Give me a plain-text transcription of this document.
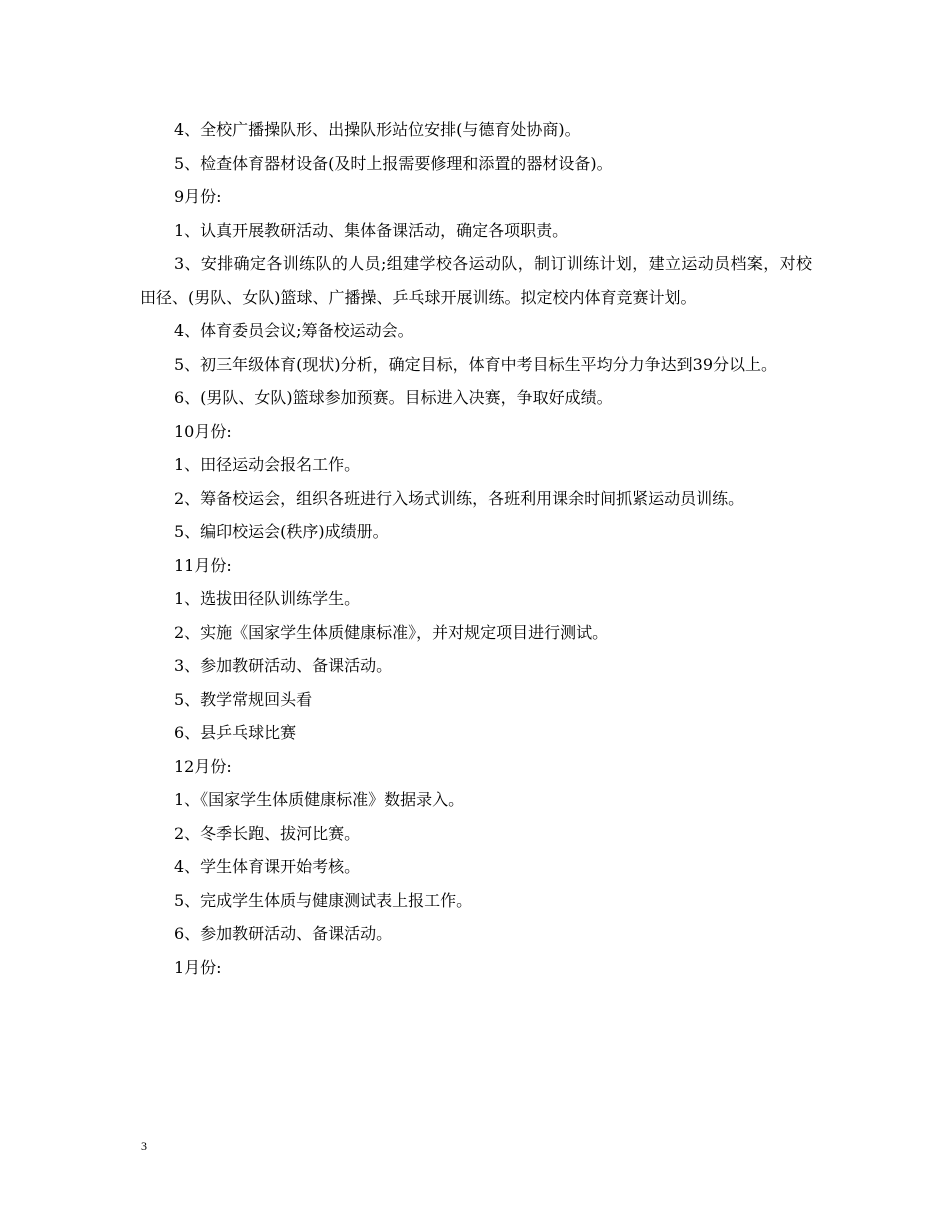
4、全校广播操队形、出操队形站位安排(与德育处协商)。

5、检查体育器材设备(及时上报需要修理和添置的器材设备)。

9月份:

1、认真开展教研活动、集体备课活动，确定各项职责。

3、安排确定各训练队的人员;组建学校各运动队，制订训练计划，建立运动员档案，对校田径、(男队、女队)篮球、广播操、乒乓球开展训练。拟定校内体育竞赛计划。

4、体育委员会议;筹备校运动会。

5、初三年级体育(现状)分析，确定目标，体育中考目标生平均分力争达到39分以上。

6、(男队、女队)篮球参加预赛。目标进入决赛，争取好成绩。

10月份:

1、田径运动会报名工作。

2、筹备校运会，组织各班进行入场式训练，各班利用课余时间抓紧运动员训练。

5、编印校运会(秩序)成绩册。

11月份:

1、选拔田径队训练学生。

2、实施《国家学生体质健康标准》，并对规定项目进行测试。

3、参加教研活动、备课活动。

5、教学常规回头看

6、县乒乓球比赛

12月份:

1、《国家学生体质健康标准》数据录入。

2、冬季长跑、拔河比赛。

4、学生体育课开始考核。

5、完成学生体质与健康测试表上报工作。

6、参加教研活动、备课活动。

1月份:

3
